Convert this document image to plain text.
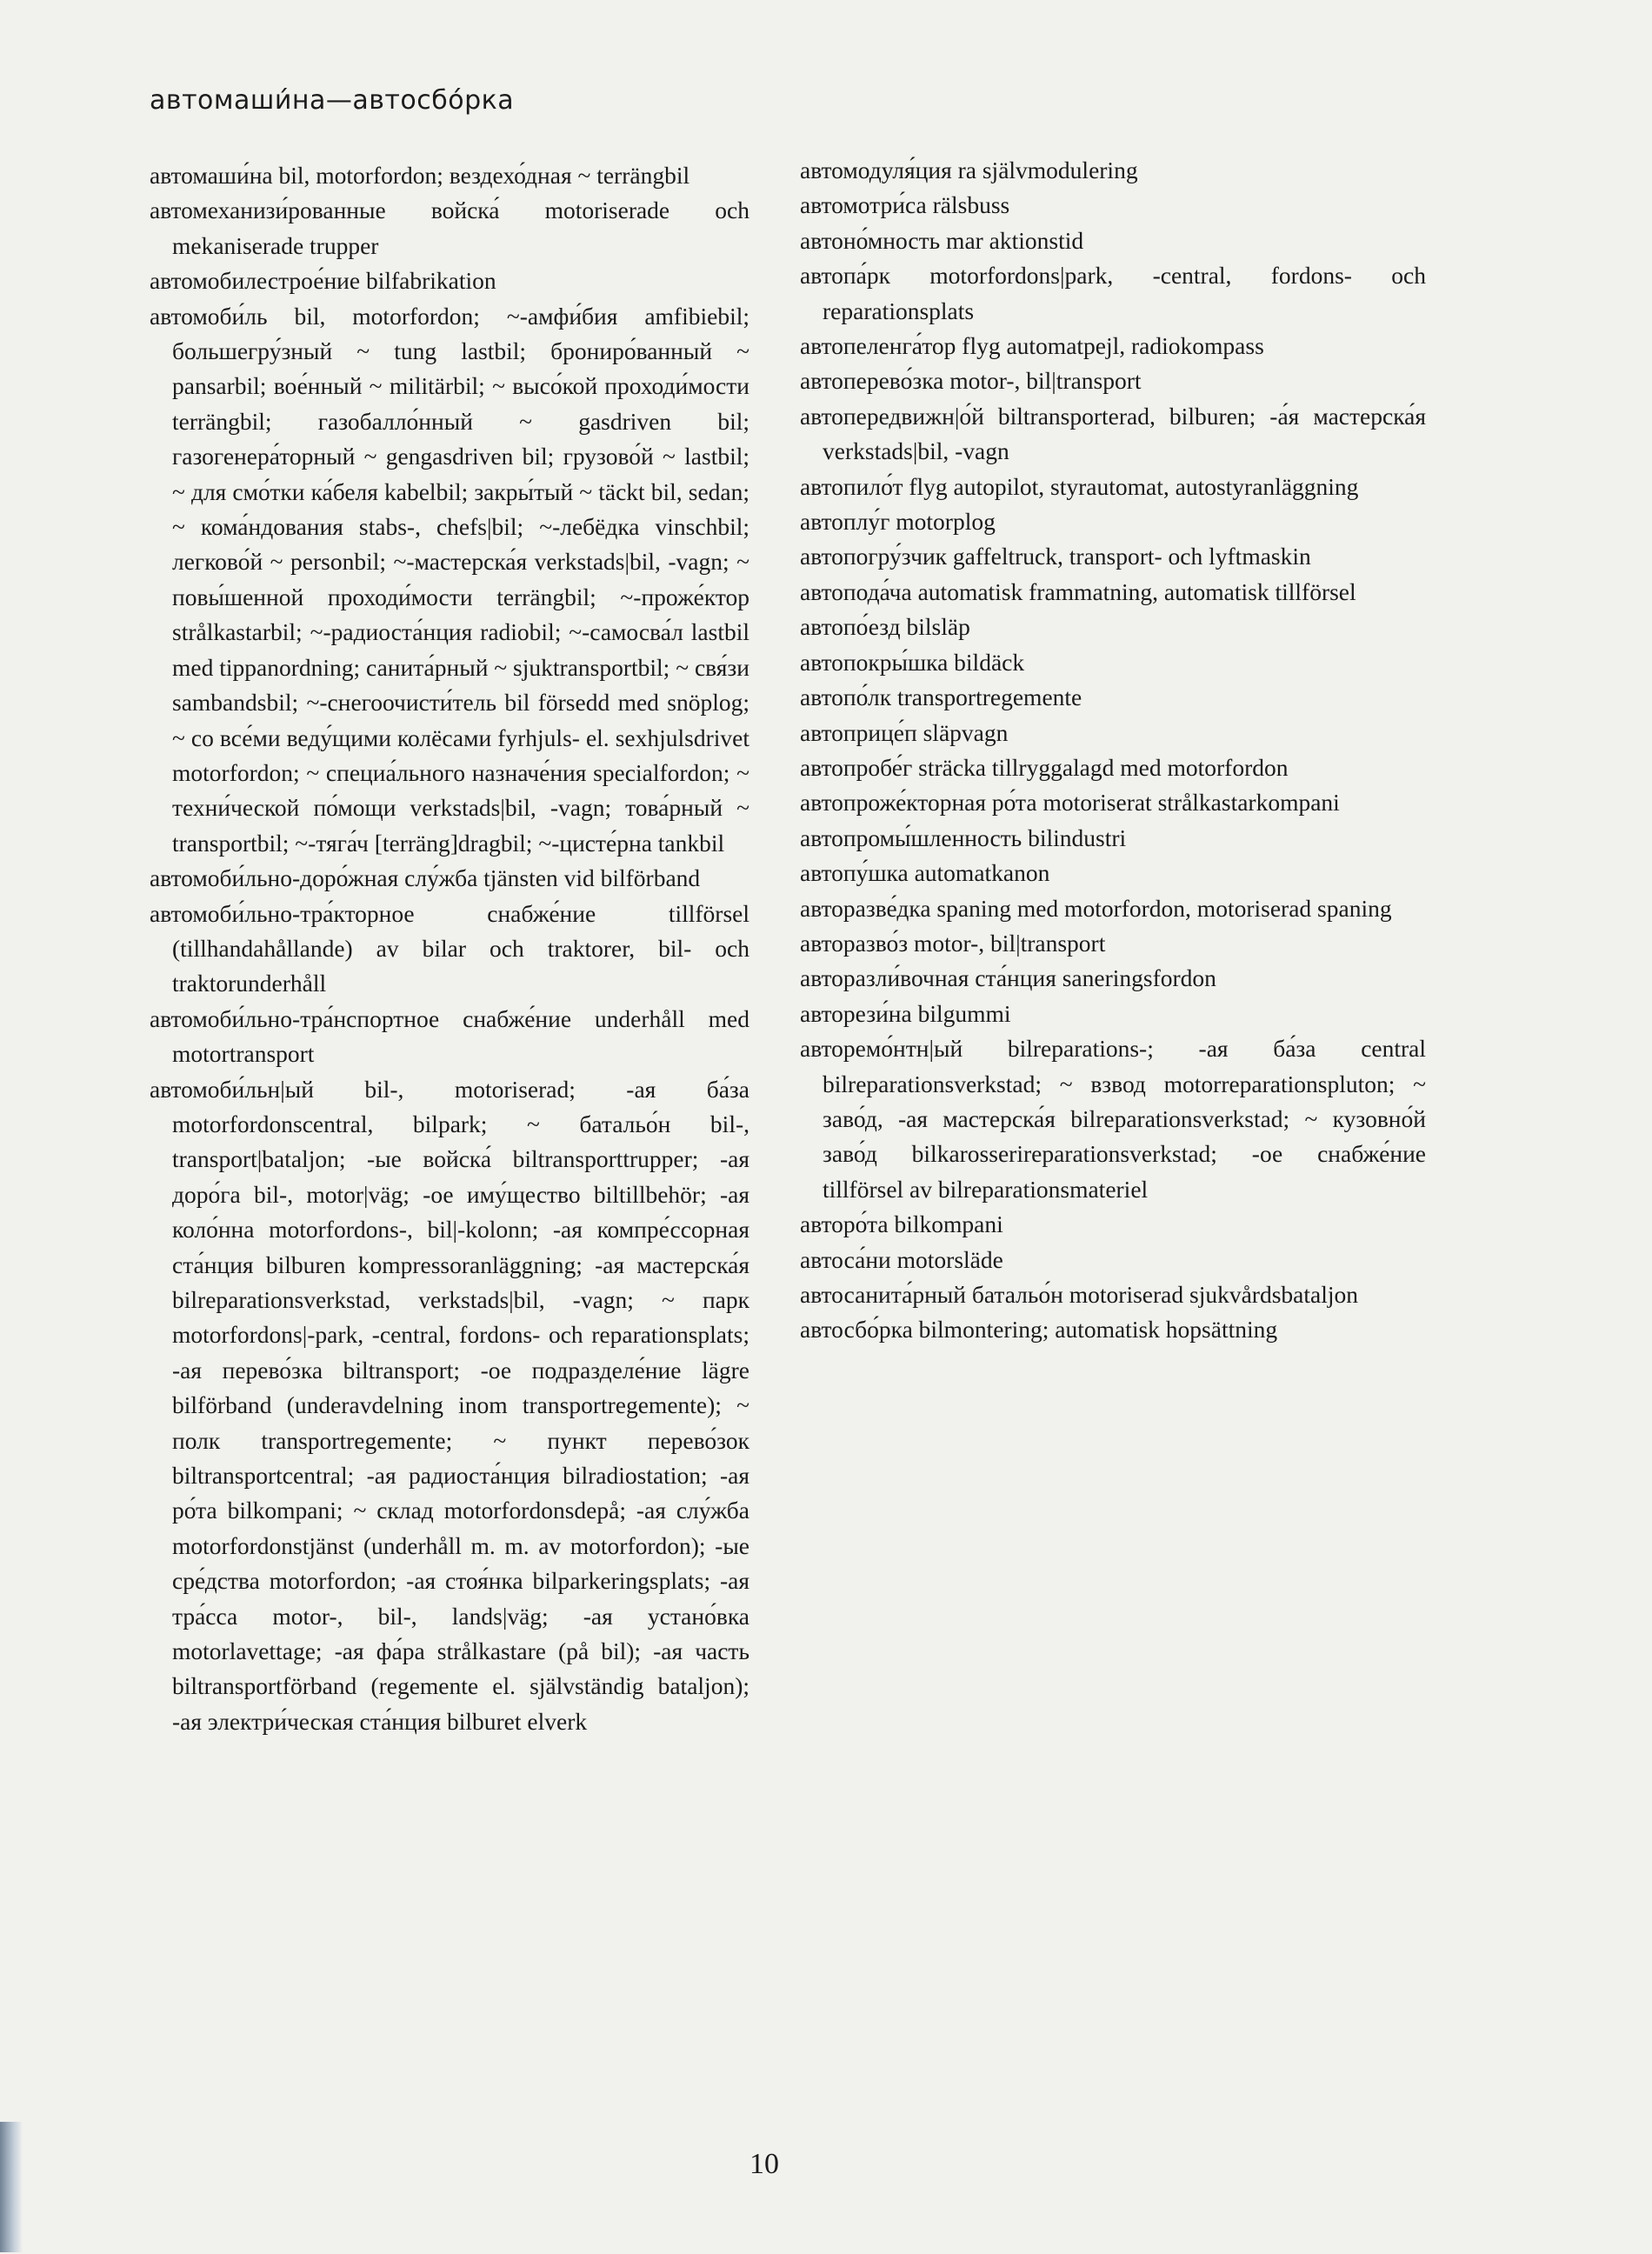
автомаши́на—автосбо́рка

автомаши́на bil, motorfordon; вездехо́дная ~ terrängbil

автомеханизи́рованные войска́ motoriserade och mekaniserade trupper

автомобилестрое́ние bilfabrikation

автомоби́ль bil, motorfordon; ~-амфи́бия amfibiebil; большегру́зный ~ tung lastbil; брониро́ванный ~ pansarbil; вое́нный ~ militärbil; ~ высо́кой проходи́мости terrängbil; газобалло́нный ~ gasdriven bil; газогенера́торный ~ gengasdriven bil; грузово́й ~ lastbil; ~ для смо́тки ка́беля kabelbil; закры́тый ~ täckt bil, sedan; ~ кома́ндования stabs-, chefs|bil; ~-лебёдка vinschbil; легково́й ~ personbil; ~-мастерска́я verkstads|bil, -vagn; ~ повы́шенной проходи́мости terrängbil; ~-проже́ктор strålkastarbil; ~-радиоста́нция radiobil; ~-самосва́л lastbil med tippanordning; санита́рный ~ sjuktransportbil; ~ свя́зи sambandsbil; ~-снегоочисти́тель bil försedd med snöplog; ~ со все́ми веду́щими колёсами fyrhjuls- el. sexhjulsdrivet motorfordon; ~ специа́льного назначе́ния specialfordon; ~ техни́ческой по́мощи verkstads|bil, -vagn; това́рный ~ transportbil; ~-тяга́ч [terräng]dragbil; ~-цисте́рна tankbil

автомоби́льно-доро́жная слу́жба tjänsten vid bilförband

автомоби́льно-тра́кторное снабже́ние tillförsel (tillhandahållande) av bilar och traktorer, bil- och traktorunderhåll

автомоби́льно-тра́нспортное снабже́ние underhåll med motortransport

автомоби́льн|ый bil-, motoriserad; -ая ба́за motorfordonscentral, bilpark; ~ батальо́н bil-, transport|bataljon; -ые войска́ biltransporttrupper; -ая доро́га bil-, motor|väg; -ое иму́щество biltillbehör; -ая коло́нна motorfordons-, bil|-kolonn; -ая компре́ссорная ста́нция bilburen kompressoranläggning; -ая мастерска́я bilreparationsverkstad, verkstads|bil, -vagn; ~ парк motorfordons|-park, -central, fordons- och reparationsplats; -ая перево́зка biltransport; -ое подразделе́ние lägre bilförband (underavdelning inom transportregemente); ~ полк transportregemente; ~ пункт перево́зок biltransportcentral; -ая радиоста́нция bilradiostation; -ая ро́та bilkompani; ~ склад motorfordonsdepå; -ая слу́жба motorfordonstjänst (underhåll m. m. av motorfordon); -ые сре́дства motorfordon; -ая стоя́нка bilparkeringsplats; -ая тра́сса motor-, bil-, lands|väg; -ая устано́вка motorlavettage; -ая фа́ра strålkastare (på bil); -ая часть biltransportförband (regemente el. självständig bataljon); -ая электри́ческая ста́нция bilburet elverk

автомодуля́ция ra självmodulering

автомотри́са rälsbuss

автоно́мность mar aktionstid

автопа́рк motorfordons|park, -central, fordons- och reparationsplats

автопеленга́тор flyg automatpejl, radiokompass

автоперево́зка motor-, bil|transport

автопередвижн|о́й biltransporterad, bilburen; -а́я мастерска́я verkstads|bil, -vagn

автопило́т flyg autopilot, styrautomat, autostyranläggning

автоплу́г motorplog

автопогру́зчик gaffeltruck, transport- och lyftmaskin

автопода́ча automatisk frammatning, automatisk tillförsel

автопо́езд bilsläp

автопокры́шка bildäck

автопо́лк transportregemente

автоприце́п släpvagn

автопробе́г sträcka tillryggalagd med motorfordon

автопроже́кторная ро́та motoriserat strålkastarkompani

автопромы́шленность bilindustri

автопу́шка automatkanon

авторазве́дка spaning med motorfordon, motoriserad spaning

авторазво́з motor-, bil|transport

авторазли́вочная ста́нция saneringsfordon

авторези́на bilgummi

авторемо́нтн|ый bilreparations-; -ая ба́за central bilreparationsverkstad; ~ взвод motorreparationspluton; ~ заво́д, -ая мастерска́я bilreparationsverkstad; ~ кузовно́й заво́д bilkarosserireparationsverkstad; -ое снабже́ние tillförsel av bilreparationsmateriel

авторо́та bilkompani

автоса́ни motorsläde

автосанита́рный батальо́н motoriserad sjukvårdsbataljon

автосбо́рка bilmontering; automatisk hopsättning

10
